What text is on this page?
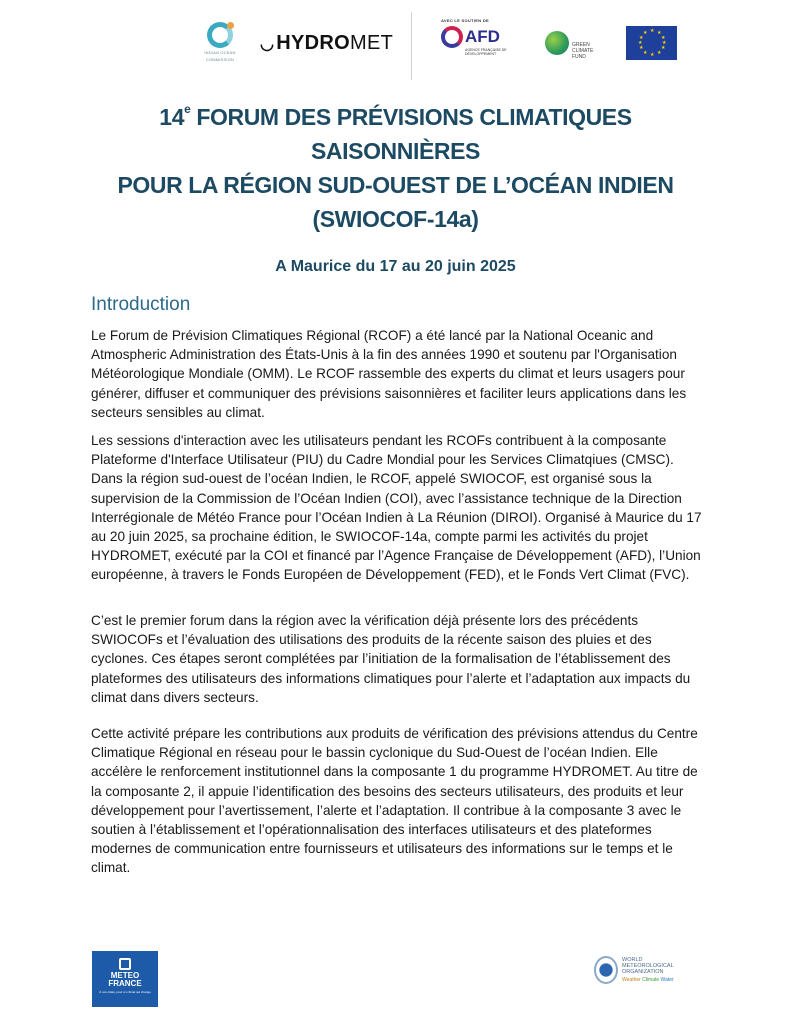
INDIAN OCEAN
COMMISSION
◡ HYDROMET
AVEC LE SOUTIEN DE
AFD
AGENCE FRANÇAISE DE DÉVELOPPEMENT
GREEN
CLIMATE
FUND
★ ★
★
★
★
★
★
★
★
★
★
★
14e FORUM DES PRÉVISIONS CLIMATIQUES
SAISONNIÈRES
POUR LA RÉGION SUD-OUEST DE L’OCÉAN INDIEN
(SWIOCOF-14a)
A Maurice du 17 au 20 juin 2025
Introduction

Le Forum de Prévision Climatiques Régional (RCOF) a été lancé par la National Oceanic and Atmospheric Administration des États-Unis à la fin des années 1990 et soutenu par l'Organisation Météorologique Mondiale (OMM). Le RCOF rassemble des experts du climat et leurs usagers pour générer, diffuser et communiquer des prévisions saisonnières et faciliter leurs applications dans les secteurs sensibles au climat.

Les sessions d'interaction avec les utilisateurs pendant les RCOFs contribuent à la composante Plateforme d'Interface Utilisateur (PIU) du Cadre Mondial pour les Services Climatqiues (CMSC). Dans la région sud-ouest de l’océan Indien, le RCOF, appelé SWIOCOF, est organisé sous la supervision de la Commission de l’Océan Indien (COI), avec l’assistance technique de la Direction Interrégionale de Météo France pour l’Océan Indien à La Réunion (DIROI). Organisé à Maurice du 17 au 20 juin 2025, sa prochaine édition, le SWIOCOF-14a, compte parmi les activités du projet HYDROMET, exécuté par la COI et financé par l’Agence Française de Développement (AFD), l’Union européenne, à travers le Fonds Européen de Développement (FED), et le Fonds Vert Climat (FVC).

C’est le premier forum dans la région avec la vérification déjà présente lors des précédents SWIOCOFs et l’évaluation des utilisations des produits de la récente saison des pluies et des cyclones. Ces étapes seront complétées par l’initiation de la formalisation de l’établissement des plateformes des utilisateurs des informations climatiques pour l’alerte et l’adaptation aux impacts du climat dans divers secteurs.

Cette activité prépare les contributions aux produits de vérification des prévisions attendus du Centre Climatique Régional en réseau pour le bassin cyclonique du Sud-Ouest de l’océan Indien. Elle accélère le renforcement institutionnel dans la composante 1 du programme HYDROMET. Au titre de la composante 2, il appuie l’identification des besoins des secteurs utilisateurs, des produits et leur développement pour l’avertissement, l’alerte et l’adaptation. Il contribue à la composante 3 avec le soutien à l’établissement et l’opérationnalisation des interfaces utilisateurs et des plateformes modernes de communication entre fournisseurs et utilisateurs des informations sur le temps et le climat.

METEO
FRANCE
À vos côtés, pour un climat qui change
WORLD
METEOROLOGICAL
ORGANIZATION
Weather Climate Water
